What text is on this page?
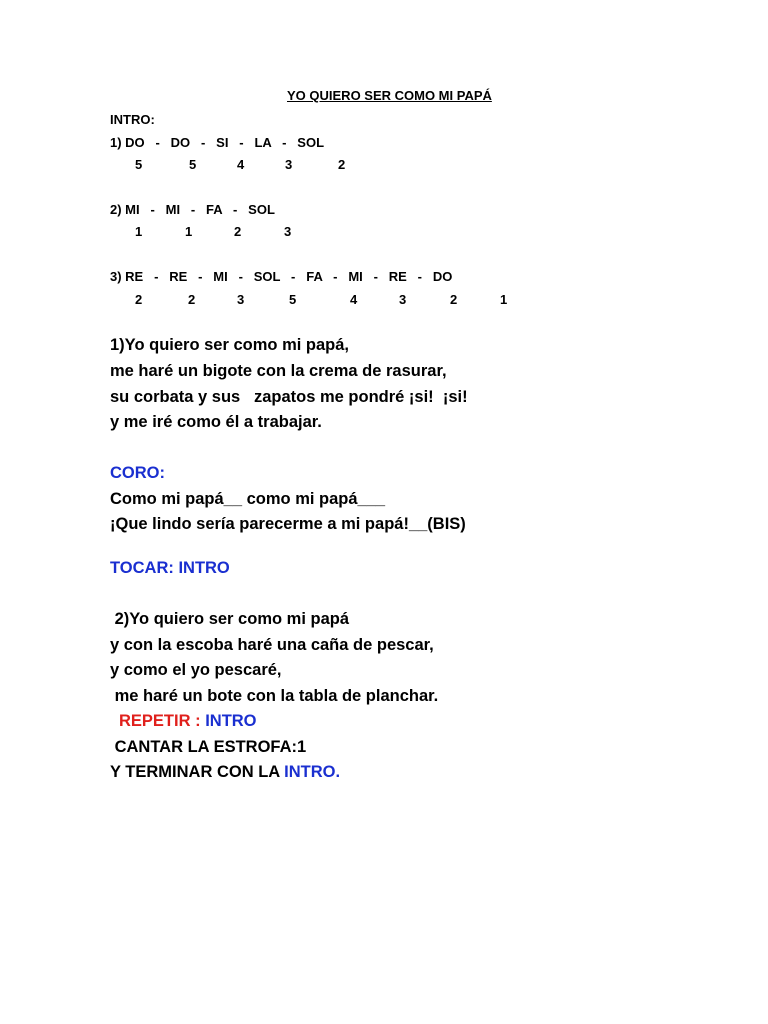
YO QUIERO SER COMO MI PAPÁ
INTRO:
1) DO   -   DO   -   SI   -   LA   -   SOL
5	5	4	3	2
2) MI   -   MI   -   FA   -   SOL
1	1	2	3
3) RE   -   RE   -   MI   -   SOL   -   FA   -   MI   -   RE   -   DO
2	2	3	5	4	3	2	1
1)Yo quiero ser como mi papá,
me haré un bigote con la crema de rasurar,
su corbata y sus   zapatos me pondré ¡si!  ¡si!
y me iré como él a trabajar.
CORO:
Como mi papá__ como mi papá___
¡Que lindo sería parecerme a mi papá!__(BIS)
TOCAR: INTRO
2)Yo quiero ser como mi papá
y con la escoba haré una caña de pescar,
y como el yo pescaré,
me haré un bote con la tabla de planchar.
REPETIR : INTRO
CANTAR LA ESTROFA:1
Y TERMINAR CON LA INTRO.
